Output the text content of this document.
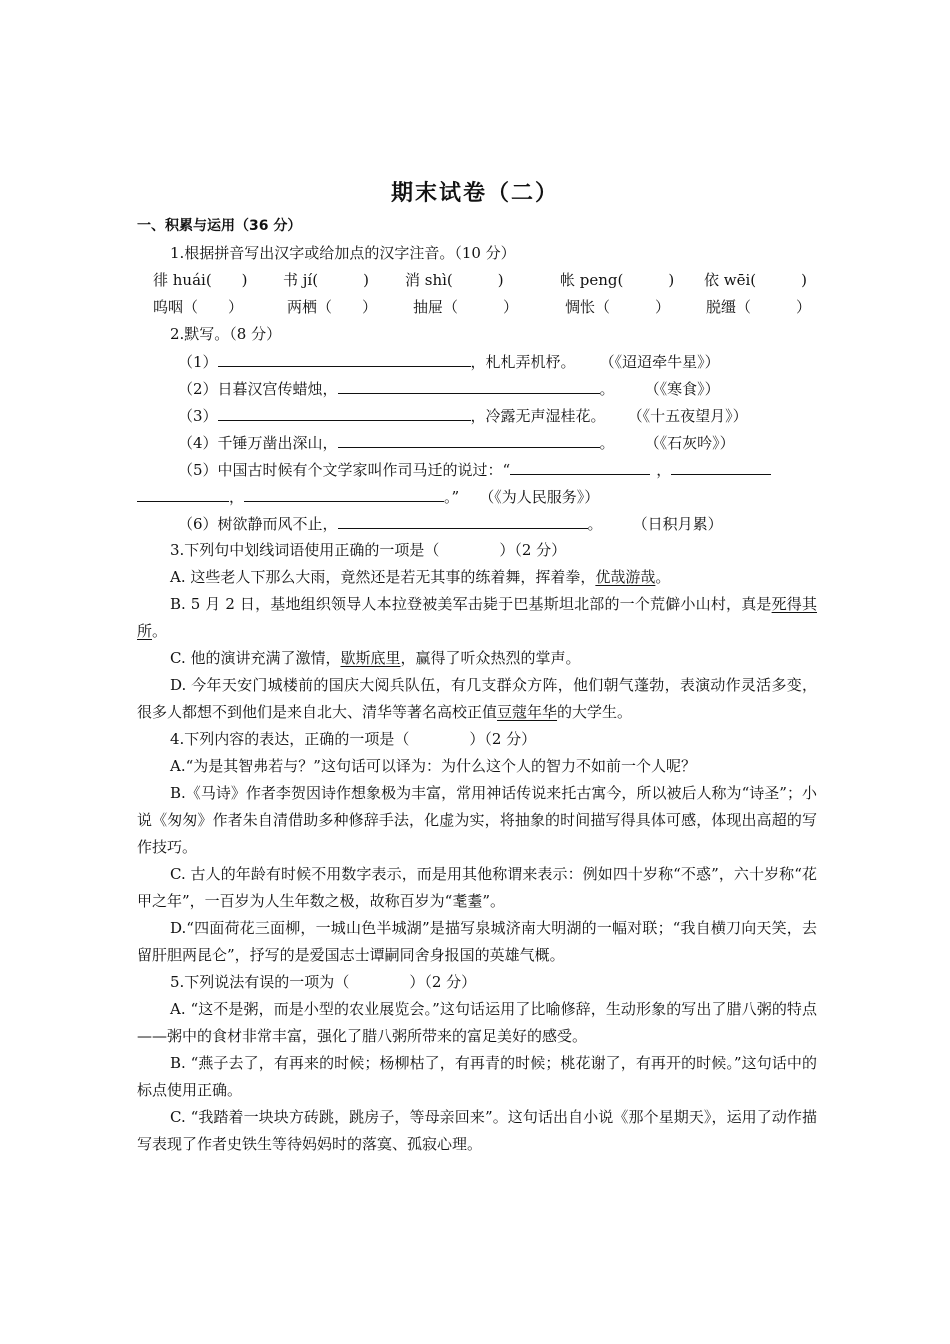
期末试卷（二）
一、积累与运用（36 分）
1.根据拼音写出汉字或给加点的汉字注音。（10 分）
徘 huái(　　) 书 jí(　　　) 消 shì(　　　)	帐 peng(　　　) 依 wēi(　　　)
呜咽（　　）	两栖（　　） 抽屉（　　　）	惆怅（　　　） 脱缰（　　　）
2.默写。（8 分）
（1）	，札札弄机杼。 （《迢迢牵牛星》）
（2）日暮汉宫传蜡烛，	。 （《寒食》）
（3）	，冷露无声湿桂花。 （《十五夜望月》）
（4）千锤万凿出深山，	。 （《石灰吟》）
（5）中国古时候有个文学家叫作司马迁的说过：“	，
，	。” （《为人民服务》）
（6）树欲静而风不止，	。 （日积月累）
3.下列句中划线词语使用正确的一项是（　　　　）（2 分）

A. 这些老人下那么大雨，竟然还是若无其事的练着舞，挥着拳，优哉游哉。

B. 5 月 2 日，基地组织领导人本拉登被美军击毙于巴基斯坦北部的一个荒僻小山村，真是死得其所。

C. 他的演讲充满了激情，歇斯底里，赢得了听众热烈的掌声。

D. 今年天安门城楼前的国庆大阅兵队伍，有几支群众方阵，他们朝气蓬勃，表演动作灵活多变，很多人都想不到他们是来自北大、清华等著名高校正值豆蔻年华的大学生。

4.下列内容的表达，正确的一项是（　　　　）（2 分）

A.“为是其智弗若与？”这句话可以译为：为什么这个人的智力不如前一个人呢？

B.《马诗》作者李贺因诗作想象极为丰富，常用神话传说来托古寓今，所以被后人称为“诗圣”；小说《匆匆》作者朱自清借助多种修辞手法，化虚为实，将抽象的时间描写得具体可感，体现出高超的写作技巧。

C. 古人的年龄有时候不用数字表示，而是用其他称谓来表示：例如四十岁称“不惑”，六十岁称“花甲之年”，一百岁为人生年数之极，故称百岁为“耄耋”。

D.“四面荷花三面柳，一城山色半城湖”是描写泉城济南大明湖的一幅对联；“我自横刀向天笑，去留肝胆两昆仑”，抒写的是爱国志士谭嗣同舍身报国的英雄气概。

5.下列说法有误的一项为（　　　　）（2 分）

A. “这不是粥，而是小型的农业展览会。”这句话运用了比喻修辞，生动形象的写出了腊八粥的特点——粥中的食材非常丰富，强化了腊八粥所带来的富足美好的感受。

B. “燕子去了，有再来的时候；杨柳枯了，有再青的时候；桃花谢了，有再开的时候。”这句话中的标点使用正确。

C. “我踏着一块块方砖跳，跳房子，等母亲回来”。这句话出自小说《那个星期天》，运用了动作描写表现了作者史铁生等待妈妈时的落寞、孤寂心理。
